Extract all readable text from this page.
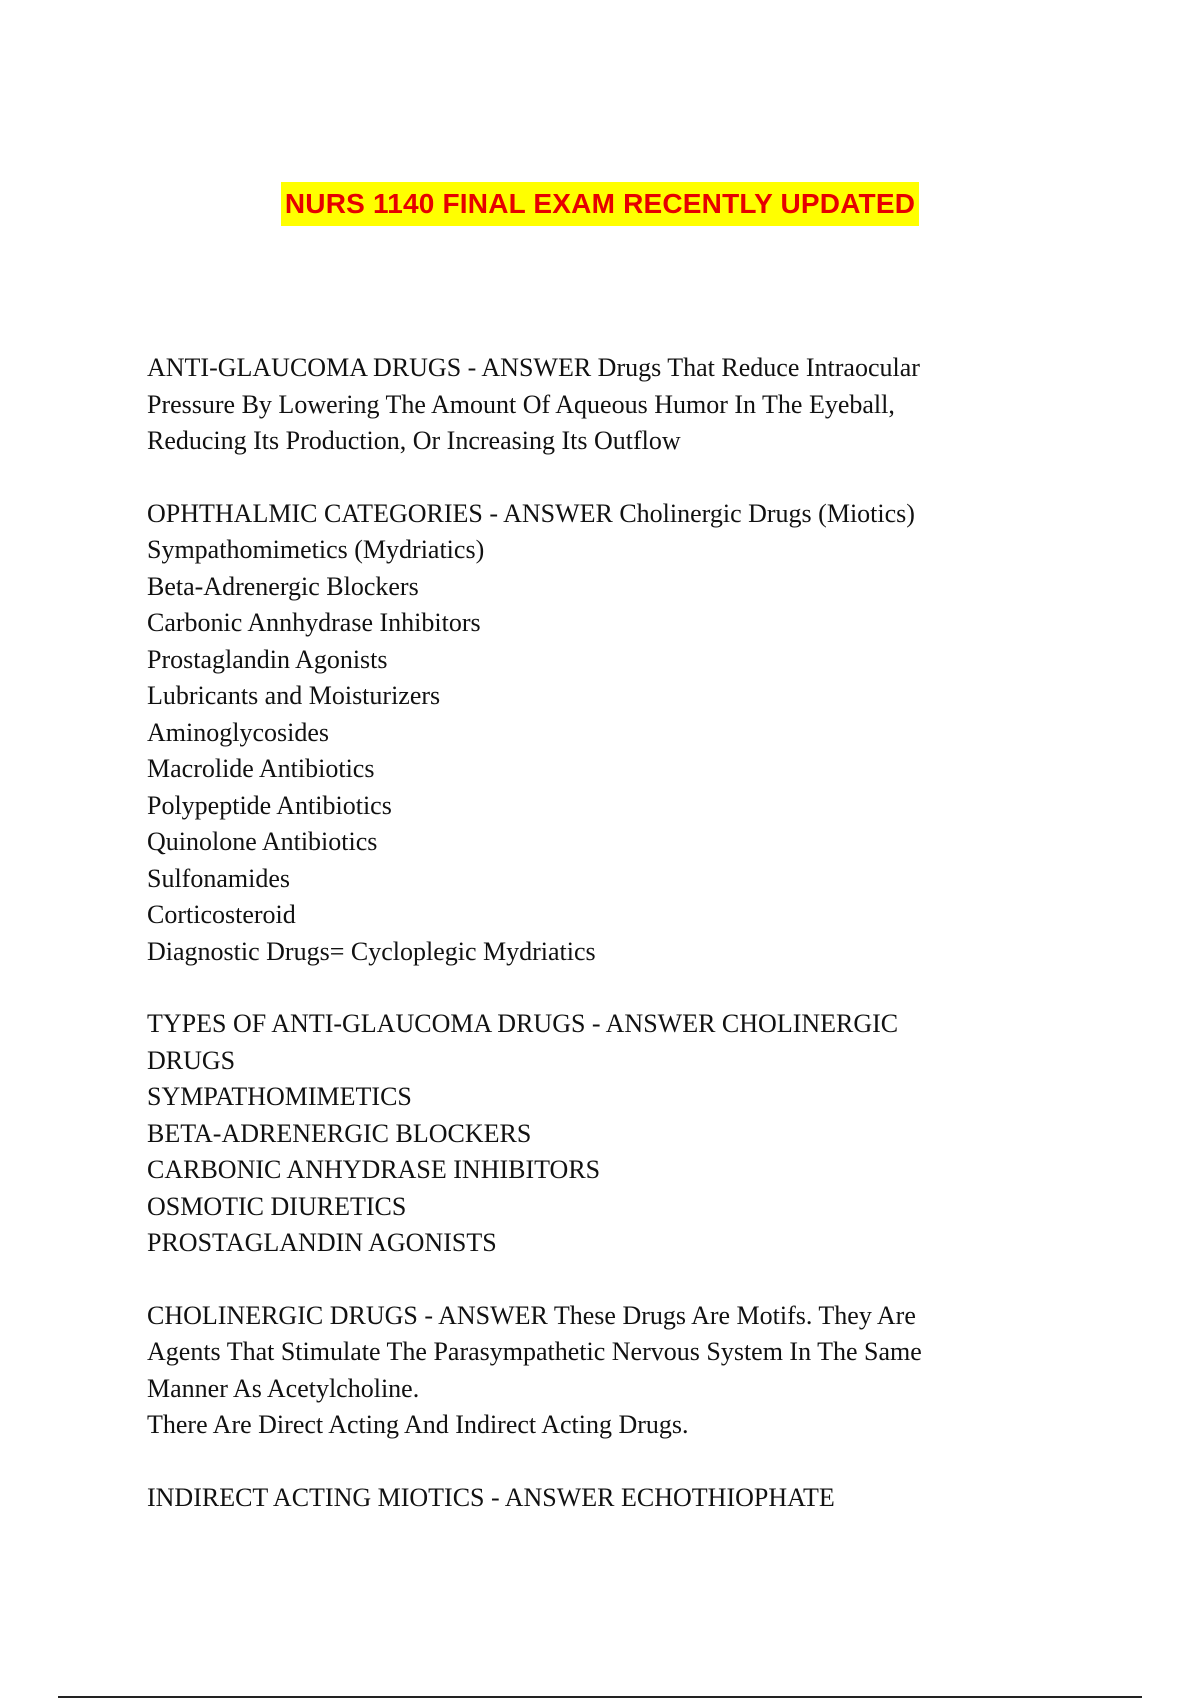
NURS 1140 FINAL EXAM RECENTLY UPDATED
ANTI-GLAUCOMA DRUGS - ANSWER Drugs That Reduce Intraocular
Pressure By Lowering The Amount Of Aqueous Humor In The Eyeball,
Reducing Its Production, Or Increasing Its Outflow
OPHTHALMIC CATEGORIES - ANSWER Cholinergic Drugs (Miotics)
Sympathomimetics (Mydriatics)
Beta-Adrenergic Blockers
Carbonic Annhydrase Inhibitors
Prostaglandin Agonists
Lubricants and Moisturizers
Aminoglycosides
Macrolide Antibiotics
Polypeptide Antibiotics
Quinolone Antibiotics
Sulfonamides
Corticosteroid
Diagnostic Drugs= Cycloplegic Mydriatics
TYPES OF ANTI-GLAUCOMA DRUGS - ANSWER CHOLINERGIC
DRUGS
SYMPATHOMIMETICS
BETA-ADRENERGIC BLOCKERS
CARBONIC ANHYDRASE INHIBITORS
OSMOTIC DIURETICS
PROSTAGLANDIN AGONISTS
CHOLINERGIC DRUGS - ANSWER These Drugs Are Motifs. They Are
Agents That Stimulate The Parasympathetic Nervous System In The Same
Manner As Acetylcholine.
There Are Direct Acting And Indirect Acting Drugs.
INDIRECT ACTING MIOTICS - ANSWER ECHOTHIOPHATE
